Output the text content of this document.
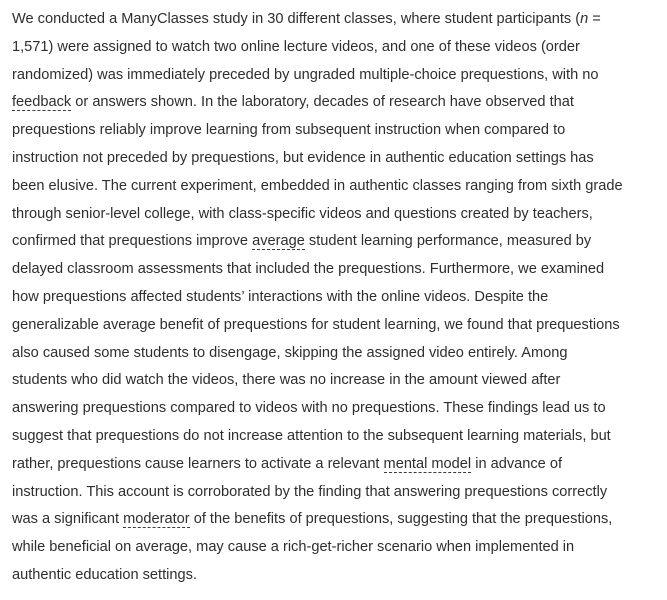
We conducted a ManyClasses study in 30 different classes, where student participants (n =
1,571) were assigned to watch two online lecture videos, and one of these videos (order
randomized) was immediately preceded by ungraded multiple-choice prequestions, with no
feedback or answers shown. In the laboratory, decades of research have observed that
prequestions reliably improve learning from subsequent instruction when compared to
instruction not preceded by prequestions, but evidence in authentic education settings has
been elusive. The current experiment, embedded in authentic classes ranging from sixth grade
through senior-level college, with class-specific videos and questions created by teachers,
confirmed that prequestions improve average student learning performance, measured by
delayed classroom assessments that included the prequestions. Furthermore, we examined
how prequestions affected students’ interactions with the online videos. Despite the
generalizable average benefit of prequestions for student learning, we found that prequestions
also caused some students to disengage, skipping the assigned video entirely. Among
students who did watch the videos, there was no increase in the amount viewed after
answering prequestions compared to videos with no prequestions. These findings lead us to
suggest that prequestions do not increase attention to the subsequent learning materials, but
rather, prequestions cause learners to activate a relevant mental model in advance of
instruction. This account is corroborated by the finding that answering prequestions correctly
was a significant moderator of the benefits of prequestions, suggesting that the prequestions,
while beneficial on average, may cause a rich-get-richer scenario when implemented in
authentic education settings.
